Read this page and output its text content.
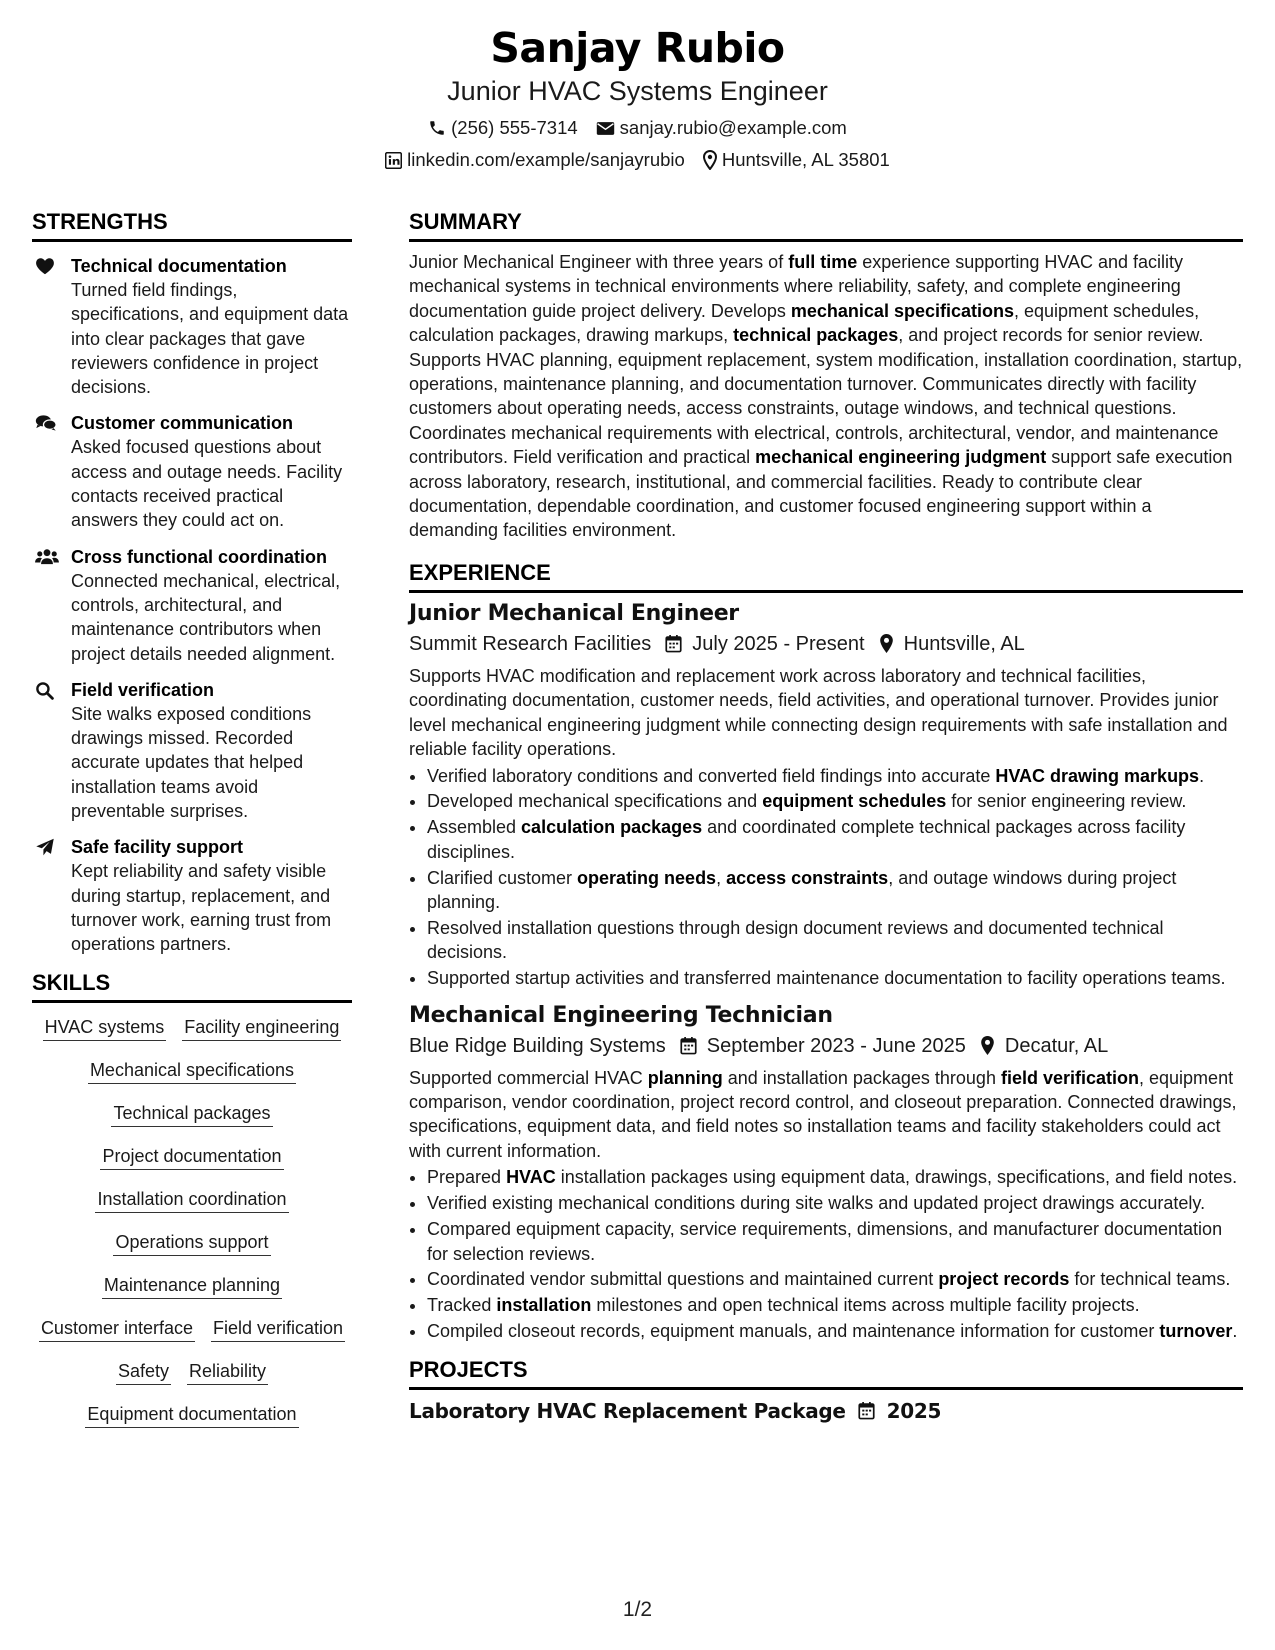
Sanjay Rubio
Junior HVAC Systems Engineer
(256) 555-7314 sanjay.rubio@example.com
linkedin.com/example/sanjayrubio Huntsville, AL 35801
STRENGTHS
Technical documentation
Turned field findings, specifications, and equipment data into clear packages that gave reviewers confidence in project decisions.
Customer communication
Asked focused questions about access and outage needs. Facility contacts received practical answers they could act on.
Cross functional coordination
Connected mechanical, electrical, controls, architectural, and maintenance contributors when project details needed alignment.
Field verification
Site walks exposed conditions drawings missed. Recorded accurate updates that helped installation teams avoid preventable surprises.
Safe facility support
Kept reliability and safety visible during startup, replacement, and turnover work, earning trust from operations partners.
SKILLS
HVAC systems Facility engineering
Mechanical specifications
Technical packages
Project documentation
Installation coordination
Operations support
Maintenance planning
Customer interface Field verification
Safety Reliability
Equipment documentation
SUMMARY
Junior Mechanical Engineer with three years of full time experience supporting HVAC and facility mechanical systems in technical environments where reliability, safety, and complete engineering documentation guide project delivery. Develops mechanical specifications, equipment schedules, calculation packages, drawing markups, technical packages, and project records for senior review. Supports HVAC planning, equipment replacement, system modification, installation coordination, startup, operations, maintenance planning, and documentation turnover. Communicates directly with facility customers about operating needs, access constraints, outage windows, and technical questions. Coordinates mechanical requirements with electrical, controls, architectural, vendor, and maintenance contributors. Field verification and practical mechanical engineering judgment support safe execution across laboratory, research, institutional, and commercial facilities. Ready to contribute clear documentation, dependable coordination, and customer focused engineering support within a demanding facilities environment.
EXPERIENCE
Junior Mechanical Engineer
Summit Research Facilities July 2025 - Present Huntsville, AL
Supports HVAC modification and replacement work across laboratory and technical facilities, coordinating documentation, customer needs, field activities, and operational turnover. Provides junior level mechanical engineering judgment while connecting design requirements with safe installation and reliable facility operations.
• Verified laboratory conditions and converted field findings into accurate HVAC drawing markups.
• Developed mechanical specifications and equipment schedules for senior engineering review.
• Assembled calculation packages and coordinated complete technical packages across facility disciplines.
• Clarified customer operating needs, access constraints, and outage windows during project planning.
• Resolved installation questions through design document reviews and documented technical decisions.
• Supported startup activities and transferred maintenance documentation to facility operations teams.
Mechanical Engineering Technician
Blue Ridge Building Systems September 2023 - June 2025 Decatur, AL
Supported commercial HVAC planning and installation packages through field verification, equipment comparison, vendor coordination, project record control, and closeout preparation. Connected drawings, specifications, equipment data, and field notes so installation teams and facility stakeholders could act with current information.
• Prepared HVAC installation packages using equipment data, drawings, specifications, and field notes.
• Verified existing mechanical conditions during site walks and updated project drawings accurately.
• Compared equipment capacity, service requirements, dimensions, and manufacturer documentation for selection reviews.
• Coordinated vendor submittal questions and maintained current project records for technical teams.
• Tracked installation milestones and open technical items across multiple facility projects.
• Compiled closeout records, equipment manuals, and maintenance information for customer turnover.
PROJECTS
Laboratory HVAC Replacement Package 2025
1/2
